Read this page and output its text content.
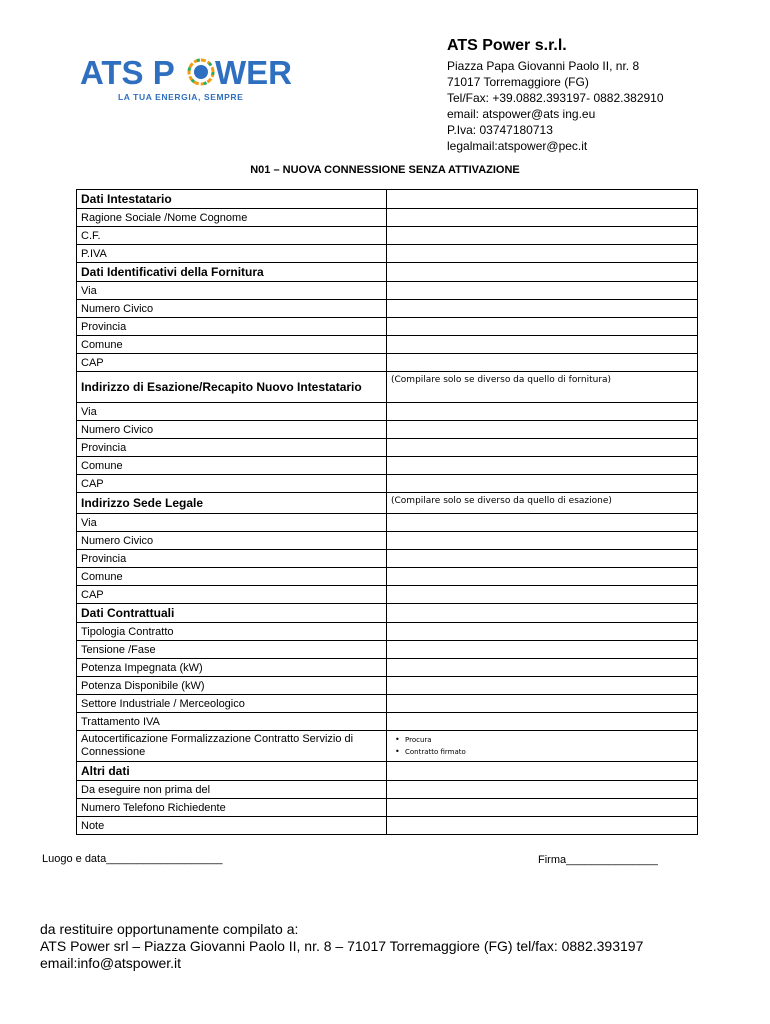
ATS P WER
LA TUA ENERGIA, SEMPRE
ATS Power s.r.l.
Piazza Papa Giovanni Paolo II, nr. 8
71017 Torremaggiore (FG)
Tel/Fax: +39.0882.393197- 0882.382910
email: atspower@ats ing.eu
P.Iva: 03747180713
legalmail:atspower@pec.it
N01 – NUOVA CONNESSIONE SENZA ATTIVAZIONE
Dati Intestatario	
Ragione Sociale /Nome Cognome	
C.F.	
P.IVA	
Dati Identificativi della Fornitura	
Via	
Numero Civico	
Provincia	
Comune	
CAP	
Indirizzo di Esazione/Recapito Nuovo Intestatario	(Compilare solo se diverso da quello di fornitura)
Via	
Numero Civico	
Provincia	
Comune	
CAP	
Indirizzo Sede Legale	(Compilare solo se diverso da quello di esazione)
Via	
Numero Civico	
Provincia	
Comune	
CAP	
Dati Contrattuali	
Tipologia Contratto	
Tensione /Fase	
Potenza Impegnata (kW)	
Potenza Disponibile (kW)	
Settore Industriale / Merceologico	
Trattamento IVA	
Autocertificazione Formalizzazione Contratto Servizio di Connessione	• Procura
• Contratto firmato

Altri dati	
Da eseguire non prima del	
Numero Telefono Richiedente	
Note	
Luogo e data___________________	Firma_______________
da restituire opportunamente compilato a:
ATS Power srl – Piazza Giovanni Paolo II, nr. 8 – 71017 Torremaggiore (FG) tel/fax: 0882.393197
email:info@atspower.it
